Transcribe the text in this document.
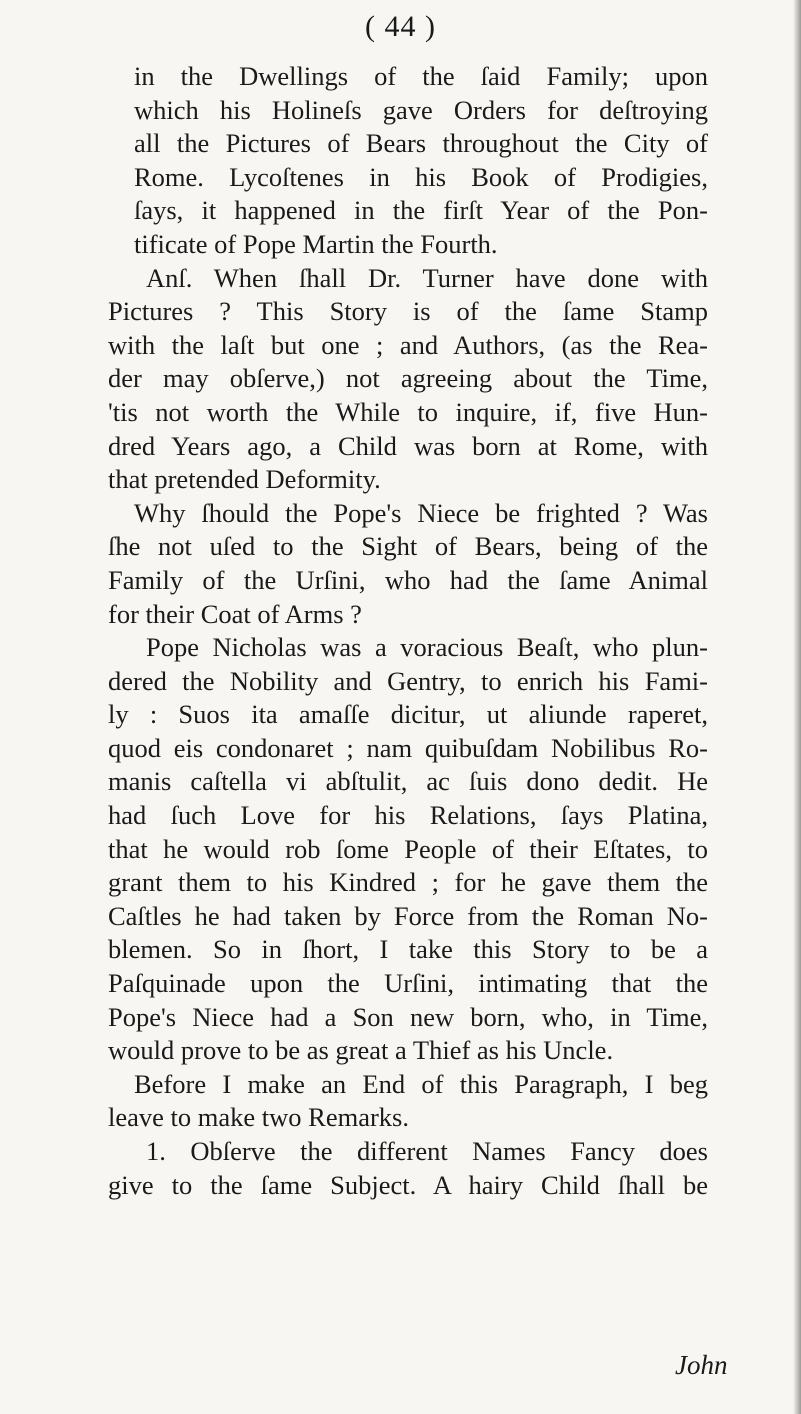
( 44 )
in the Dwellings of the ſaid Family; upon
which his Holineſs gave Orders for deſtroying
all the Pictures of Bears throughout the City of
Rome. Lycoſtenes in his Book of Prodigies,
ſays, it happened in the firſt Year of the Pon-
tificate of Pope Martin the Fourth.
Anſ. When ſhall Dr. Turner have done with
Pictures ? This Story is of the ſame Stamp
with the laſt but one ; and Authors, (as the Rea-
der may obſerve,) not agreeing about the Time,
'tis not worth the While to inquire, if, five Hun-
dred Years ago, a Child was born at Rome, with
that pretended Deformity.
Why ſhould the Pope's Niece be frighted ? Was
ſhe not uſed to the Sight of Bears, being of the
Family of the Urſini, who had the ſame Animal
for their Coat of Arms ?
Pope Nicholas was a voracious Beaſt, who plun-
dered the Nobility and Gentry, to enrich his Fami-
ly : Suos ita amaſſe dicitur, ut aliunde raperet,
quod eis condonaret ; nam quibuſdam Nobilibus Ro-
manis caſtella vi abſtulit, ac ſuis dono dedit. He
had ſuch Love for his Relations, ſays Platina,
that he would rob ſome People of their Eſtates, to
grant them to his Kindred ; for he gave them the
Caſtles he had taken by Force from the Roman No-
blemen. So in ſhort, I take this Story to be a
Paſquinade upon the Urſini, intimating that the
Pope's Niece had a Son new born, who, in Time,
would prove to be as great a Thief as his Uncle.
Before I make an End of this Paragraph, I beg
leave to make two Remarks.
1. Obſerve the different Names Fancy does
give to the ſame Subject. A hairy Child ſhall be
John
